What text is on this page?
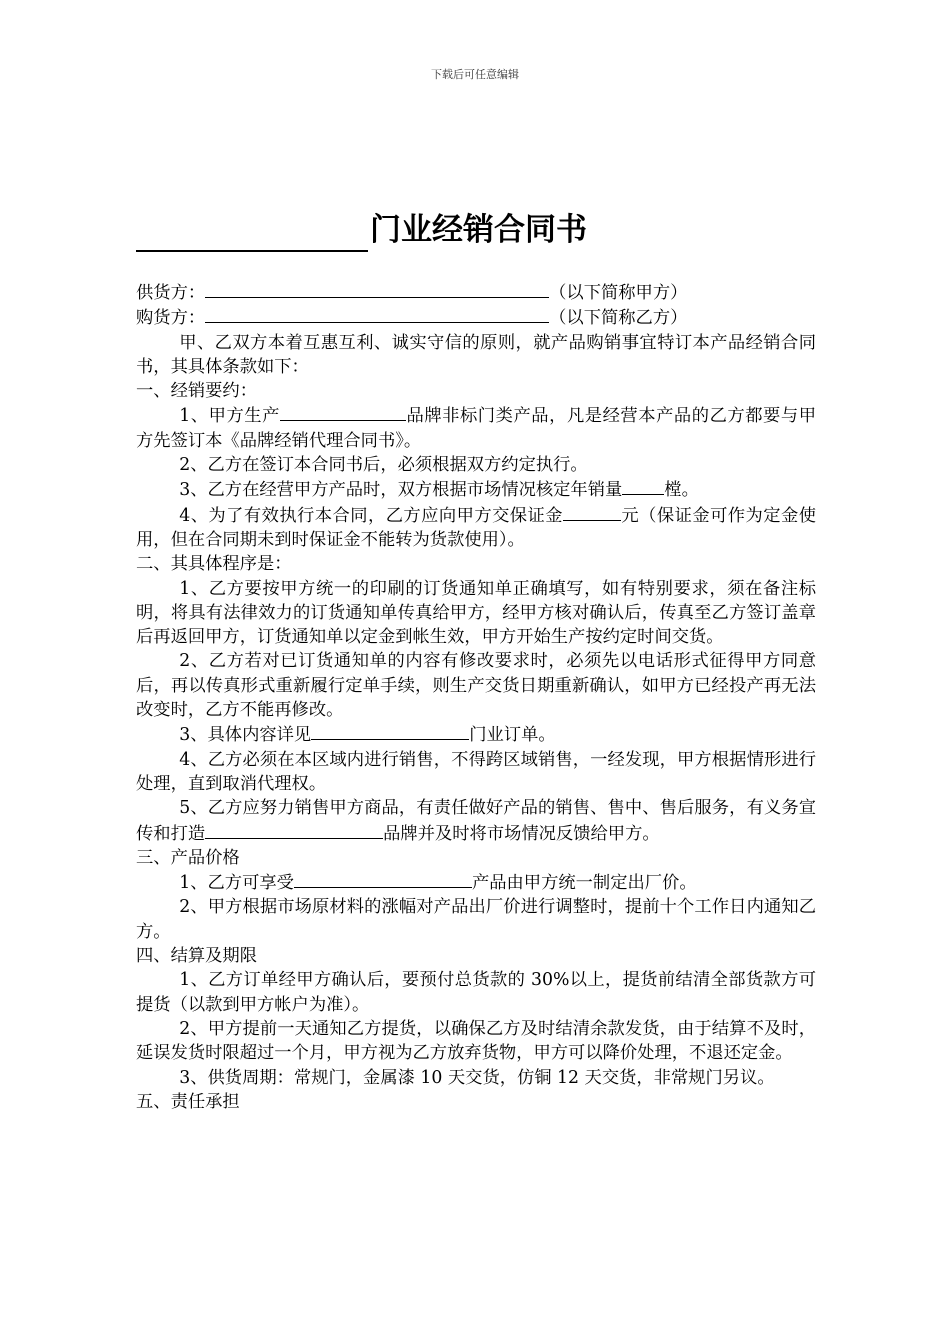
下载后可任意编辑
门业经销合同书

供货方：	（以下简称甲方）

购货方：	（以下简称乙方）

甲、乙双方本着互惠互利、诚实守信的原则，就产品购销事宜特订本产品经销合同书，其具体条款如下：

一、经销要约：

1、甲方生产	品牌非标门类产品，凡是经营本产品的乙方都要与甲方先签订本《品牌经销代理合同书》。

2、乙方在签订本合同书后，必须根据双方约定执行。

3、乙方在经营甲方产品时，双方根据市场情况核定年销量 樘。

4、为了有效执行本合同，乙方应向甲方交保证金	元（保证金可作为定金使用，但在合同期未到时保证金不能转为货款使用）。

二、其具体程序是：

1、乙方要按甲方统一的印刷的订货通知单正确填写，如有特别要求，须在备注标明，将具有法律效力的订货通知单传真给甲方，经甲方核对确认后，传真至乙方签订盖章后再返回甲方，订货通知单以定金到帐生效，甲方开始生产按约定时间交货。

2、乙方若对已订货通知单的内容有修改要求时，必须先以电话形式征得甲方同意后，再以传真形式重新履行定单手续，则生产交货日期重新确认，如甲方已经投产再无法改变时，乙方不能再修改。

3、具体内容详见	门业订单。

4、乙方必须在本区域内进行销售，不得跨区域销售，一经发现，甲方根据情形进行处理，直到取消代理权。

5、乙方应努力销售甲方商品，有责任做好产品的销售、售中、售后服务，有义务宣传和打造	品牌并及时将市场情况反馈给甲方。

三、产品价格

1、乙方可享受	产品由甲方统一制定出厂价。

2、甲方根据市场原材料的涨幅对产品出厂价进行调整时，提前十个工作日内通知乙方。

四、结算及期限

1、乙方订单经甲方确认后，要预付总货款的 30%以上，提货前结清全部货款方可提货（以款到甲方帐户为准）。

2、甲方提前一天通知乙方提货，以确保乙方及时结清余款发货，由于结算不及时，延误发货时限超过一个月，甲方视为乙方放弃货物，甲方可以降价处理，不退还定金。

3、供货周期：常规门，金属漆 10 天交货，仿铜 12 天交货，非常规门另议。

五、责任承担
